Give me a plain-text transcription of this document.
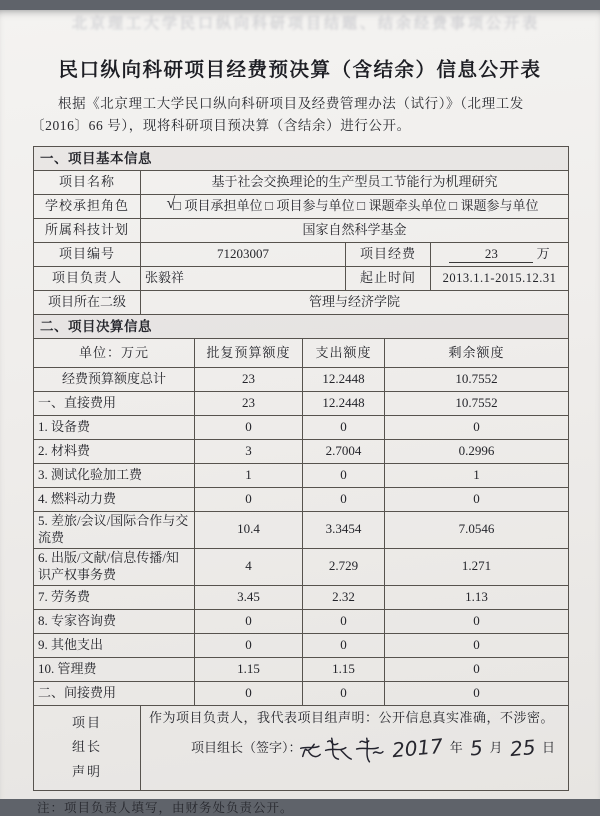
北京理工大学民口纵向科研项目结题、结余经费事项公开表
民口纵向科研项目经费预决算（含结余）信息公开表
根据《北京理工大学民口纵向科研项目及经费管理办法（试行）》（北理工发〔2016〕66 号），现将科研项目预决算（含结余）进行公开。
一、项目基本信息			
项目名称	基于社会交换理论的生产型员工节能行为机理研究		
学校承担角色	□ √项目承担单位 □ 项目参与单位 □ 课题牵头单位 □ 课题参与单位
所属科技计划	国家自然科学基金		
项目编号	71203007	项目经费	23 万
项目负责人	张毅祥	起止时间	2013.1.1-2015.12.31
项目所在二级	管理与经济学院		
二、项目决算信息			
单位：万元	批复预算额度	支出额度	剩余额度
经费预算额度总计	23	12.2448	10.7552
一、直接费用	23	12.2448	10.7552
1. 设备费	0	0	0
2. 材料费	3	2.7004	0.2996
3. 测试化验加工费	1	0	1
4. 燃料动力费	0	0	0
5. 差旅/会议/国际合作与交流费	10.4	3.3454	7.0546
6. 出版/文献/信息传播/知识产权事务费	4	2.729	1.271
7. 劳务费	3.45	2.32	1.13
8. 专家咨询费	0	0	0
9. 其他支出	0	0	0
10. 管理费	1.15	1.15	0
二、间接费用	0	0	0
项目
组长
声明

作为项目负责人，我代表项目组声明：公开信息真实准确，不涉密。
项目组长（签字）：	2017 年 5 月 25 日
注：项目负责人填写，由财务处负责公开。
